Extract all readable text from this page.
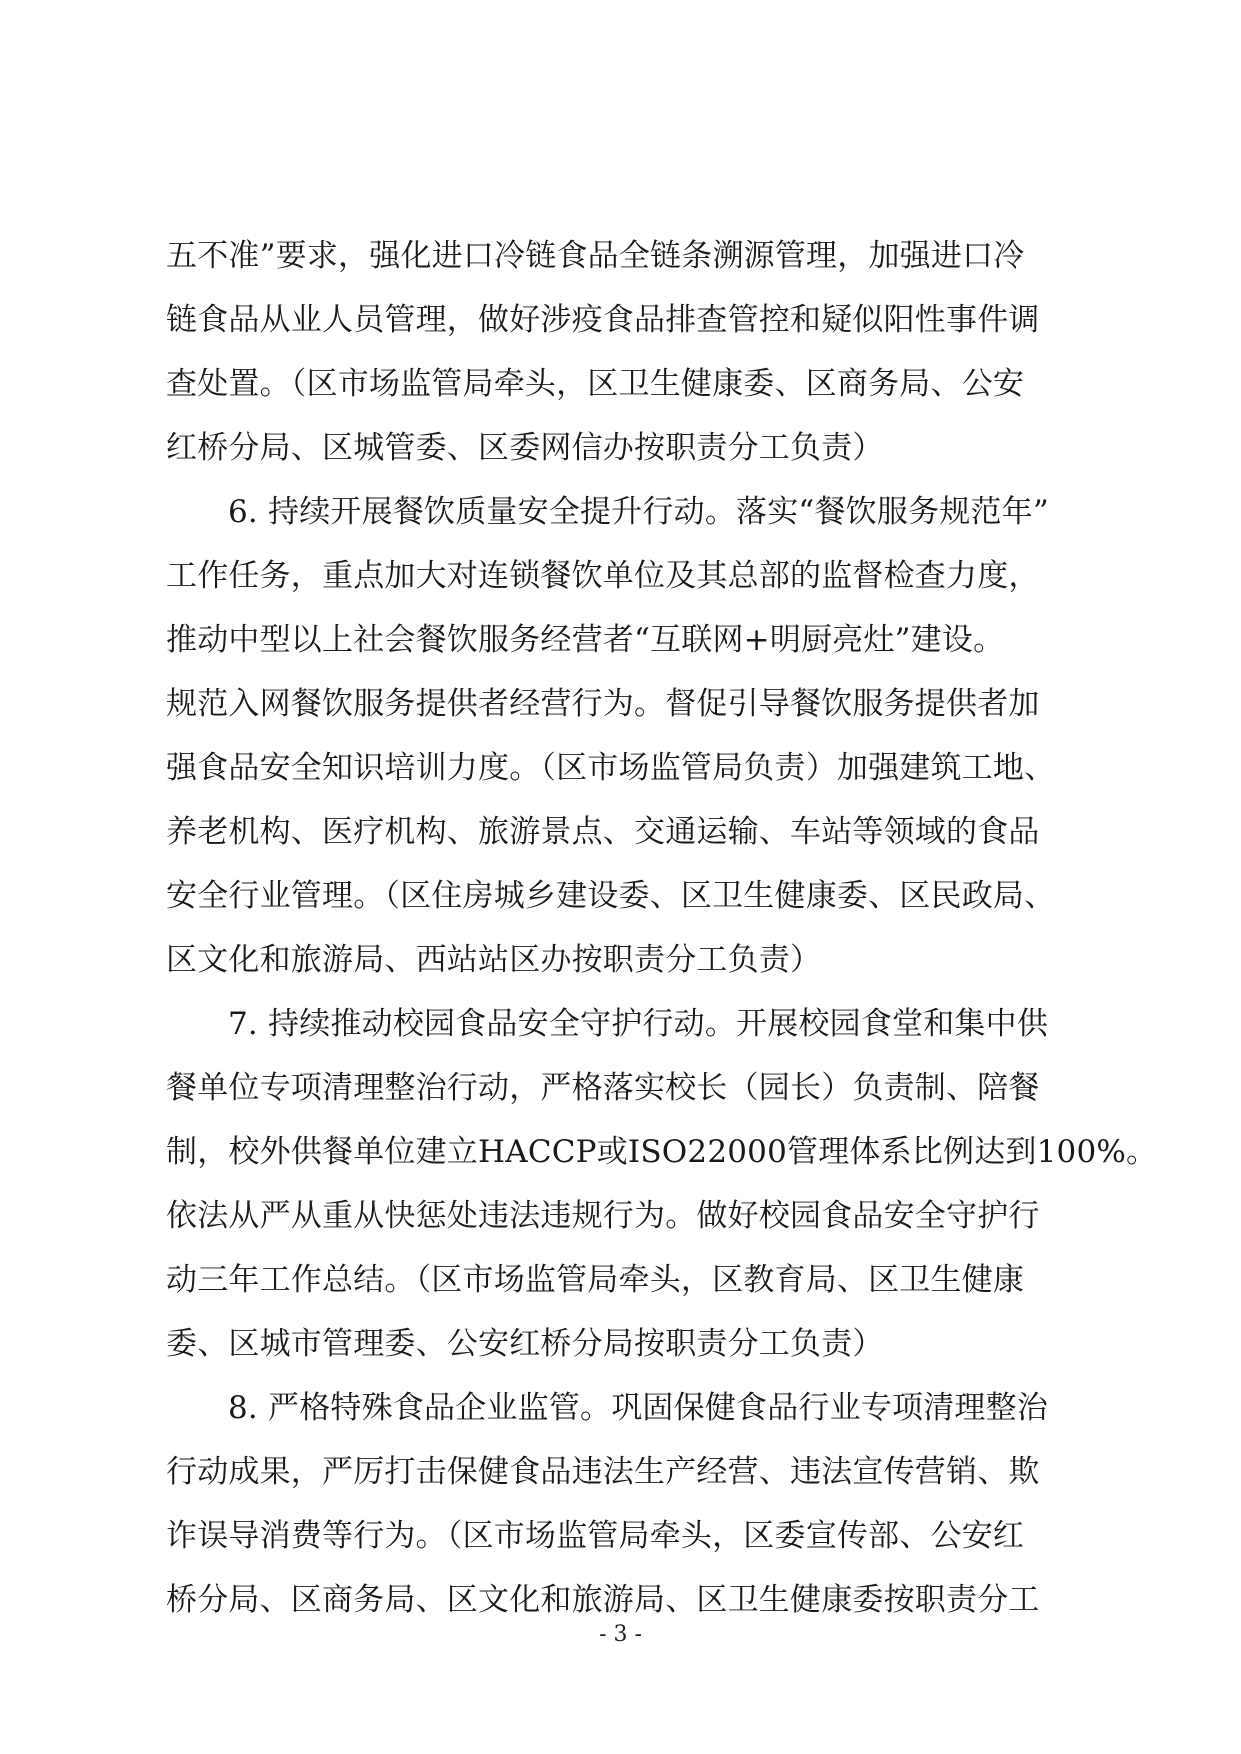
五不准”要求，强化进口冷链食品全链条溯源管理，加强进口冷
链食品从业人员管理，做好涉疫食品排查管控和疑似阳性事件调
查处置。（区市场监管局牵头，区卫生健康委、区商务局、公安
红桥分局、区城管委、区委网信办按职责分工负责）
6. 持续开展餐饮质量安全提升行动。落实“餐饮服务规范年”
工作任务，重点加大对连锁餐饮单位及其总部的监督检查力度，
推动中型以上社会餐饮服务经营者“互联网+明厨亮灶”建设。
规范入网餐饮服务提供者经营行为。督促引导餐饮服务提供者加
强食品安全知识培训力度。（区市场监管局负责）加强建筑工地、
养老机构、医疗机构、旅游景点、交通运输、车站等领域的食品
安全行业管理。（区住房城乡建设委、区卫生健康委、区民政局、
区文化和旅游局、西站站区办按职责分工负责）
7. 持续推动校园食品安全守护行动。开展校园食堂和集中供
餐单位专项清理整治行动，严格落实校长（园长）负责制、陪餐
制，校外供餐单位建立HACCP或ISO22000管理体系比例达到100%。
依法从严从重从快惩处违法违规行为。做好校园食品安全守护行
动三年工作总结。（区市场监管局牵头，区教育局、区卫生健康
委、区城市管理委、公安红桥分局按职责分工负责）
8. 严格特殊食品企业监管。巩固保健食品行业专项清理整治
行动成果，严厉打击保健食品违法生产经营、违法宣传营销、欺
诈误导消费等行为。（区市场监管局牵头，区委宣传部、公安红
桥分局、区商务局、区文化和旅游局、区卫生健康委按职责分工
- 3 -
